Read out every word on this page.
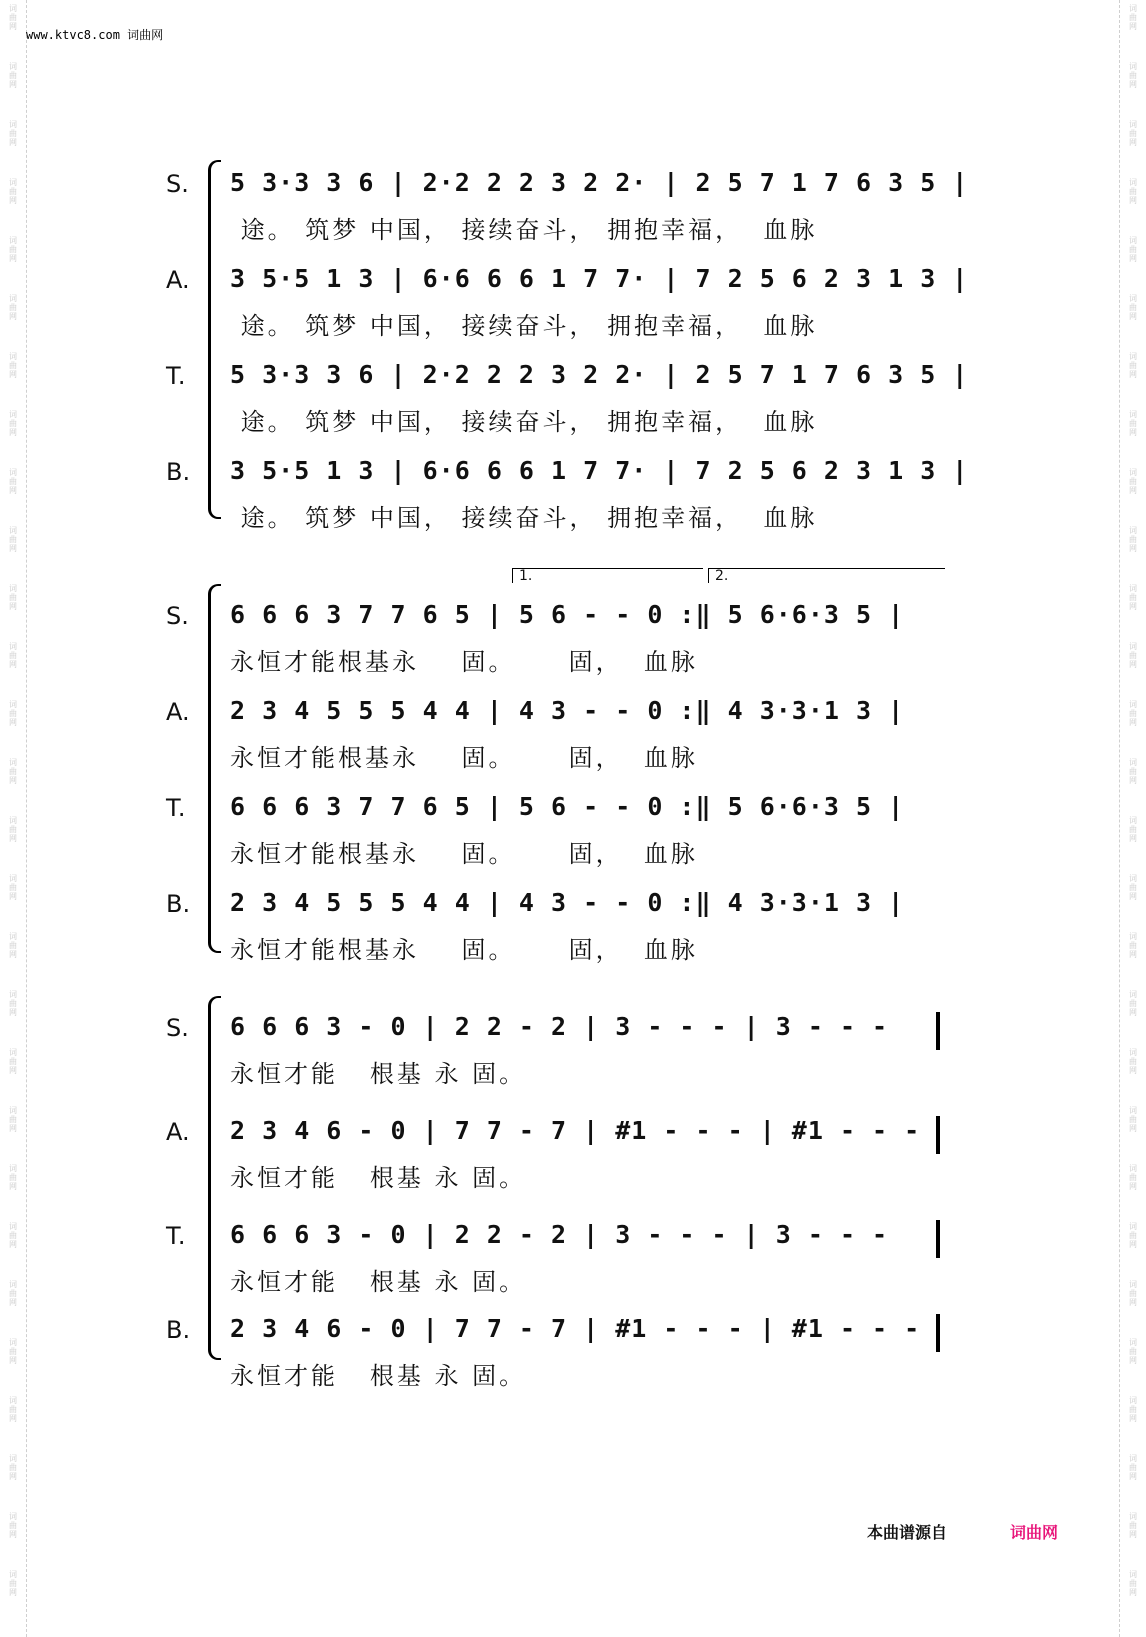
词
曲
网
词
曲
网
词
曲
网
词
曲
网
词
曲
网
词
曲
网
词
曲
网
词
曲
网
词
曲
网
词
曲
网
词
曲
网
词
曲
网
词
曲
网
词
曲
网
词
曲
网
词
曲
网
词
曲
网
词
曲
网
词
曲
网
词
曲
网
词
曲
网
词
曲
网
词
曲
网
词
曲
网
词
曲
网
词
曲
网
词
曲
网
词
曲
网
词
曲
网
词
曲
网
词
曲
网
词
曲
网
词
曲
网
词
曲
网
词
曲
网
词
曲
网
词
曲
网
词
曲
网
词
曲
网
词
曲
网
词
曲
网
词
曲
网
词
曲
网
词
曲
网
词
曲
网
词
曲
网
词
曲
网
词
曲
网
词
曲
网
词
曲
网
词
曲
网
词
曲
网
词
曲
网
词
曲
网
词
曲
网
词
曲
网
www.ktvc8.com 词曲网
S. 5 3·3 3 6 | 2·2 2 2 3 2 2· | 2 5 7 1 7 6 3 5 |
途。 筑梦 中国， 接续奋斗， 拥抱幸福，  血脉
A. 3 5·5 1 3 | 6·6 6 6 1 7 7· | 7 2 5 6 2 3 1 3 |
途。 筑梦 中国， 接续奋斗， 拥抱幸福，  血脉
T. 5 3·3 3 6 | 2·2 2 2 3 2 2· | 2 5 7 1 7 6 3 5 |
途。 筑梦 中国， 接续奋斗， 拥抱幸福，  血脉
B. 3 5·5 1 3 | 6·6 6 6 1 7 7· | 7 2 5 6 2 3 1 3 |
途。 筑梦 中国， 接续奋斗， 拥抱幸福，  血脉
1.	2.
S. 6 6 6 3 7 7 6 5 | 5 6 - - 0 :‖ 5 6·6·3 5 |
永恒才能根基永    固。     固，  血脉
A. 2 3 4 5 5 5 4 4 | 4 3 - - 0 :‖ 4 3·3·1 3 |
永恒才能根基永    固。     固，  血脉
T. 6 6 6 3 7 7 6 5 | 5 6 - - 0 :‖ 5 6·6·3 5 |
永恒才能根基永    固。     固，  血脉
B. 2 3 4 5 5 5 4 4 | 4 3 - - 0 :‖ 4 3·3·1 3 |
永恒才能根基永    固。     固，  血脉
S. 6 6 6 3 - 0 | 2 2 - 2 | 3 - - - | 3 - - -
永恒才能   根基 永 固。
A. 2 3 4 6 - 0 | 7 7 - 7 | #1 - - - | #1 - - -
永恒才能   根基 永 固。
T. 6 6 6 3 - 0 | 2 2 - 2 | 3 - - - | 3 - - -
永恒才能   根基 永 固。
B. 2 3 4 6 - 0 | 7 7 - 7 | #1 - - - | #1 - - -
永恒才能   根基 永 固。
本曲谱源自	词曲网
